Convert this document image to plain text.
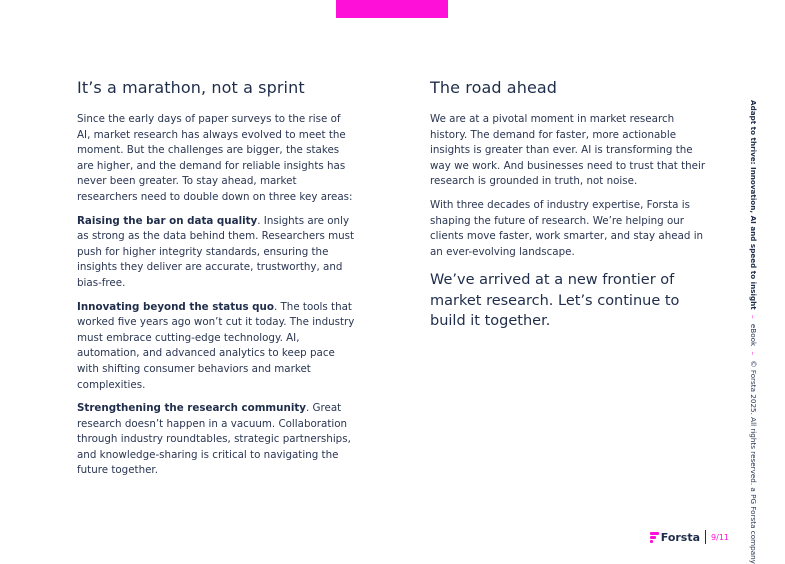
It’s a marathon, not a sprint

Since the early days of paper surveys to the rise of AI, market research has always evolved to meet the moment. But the challenges are bigger, the stakes are higher, and the demand for reliable insights has never been greater. To stay ahead, market researchers need to double down on three key areas:

Raising the bar on data quality. Insights are only as strong as the data behind them. Researchers must push for higher integrity standards, ensuring the insights they deliver are accurate, trustworthy, and bias-free.

Innovating beyond the status quo. The tools that worked five years ago won’t cut it today. The industry must embrace cutting-edge technology. AI, automation, and advanced analytics to keep pace with shifting consumer behaviors and market complexities.

Strengthening the research community. Great research doesn’t happen in a vacuum. Collaboration through industry roundtables, strategic partnerships, and knowledge-sharing is critical to navigating the future together.

The road ahead

We are at a pivotal moment in market research history. The demand for faster, more actionable insights is greater than ever. AI is transforming the way we work. And businesses need to trust that their research is grounded in truth, not noise.

With three decades of industry expertise, Forsta is shaping the future of research. We’re helping our clients move faster, work smarter, and stay ahead in an ever-evolving landscape.

We’ve arrived at a new frontier of market research. Let’s continue to build it together.

Adapt to thrive: Innovation, AI and speed to insight – eBook – © Forsta 2025. All rights reserved. a PG Forsta company
Forsta 9/11
